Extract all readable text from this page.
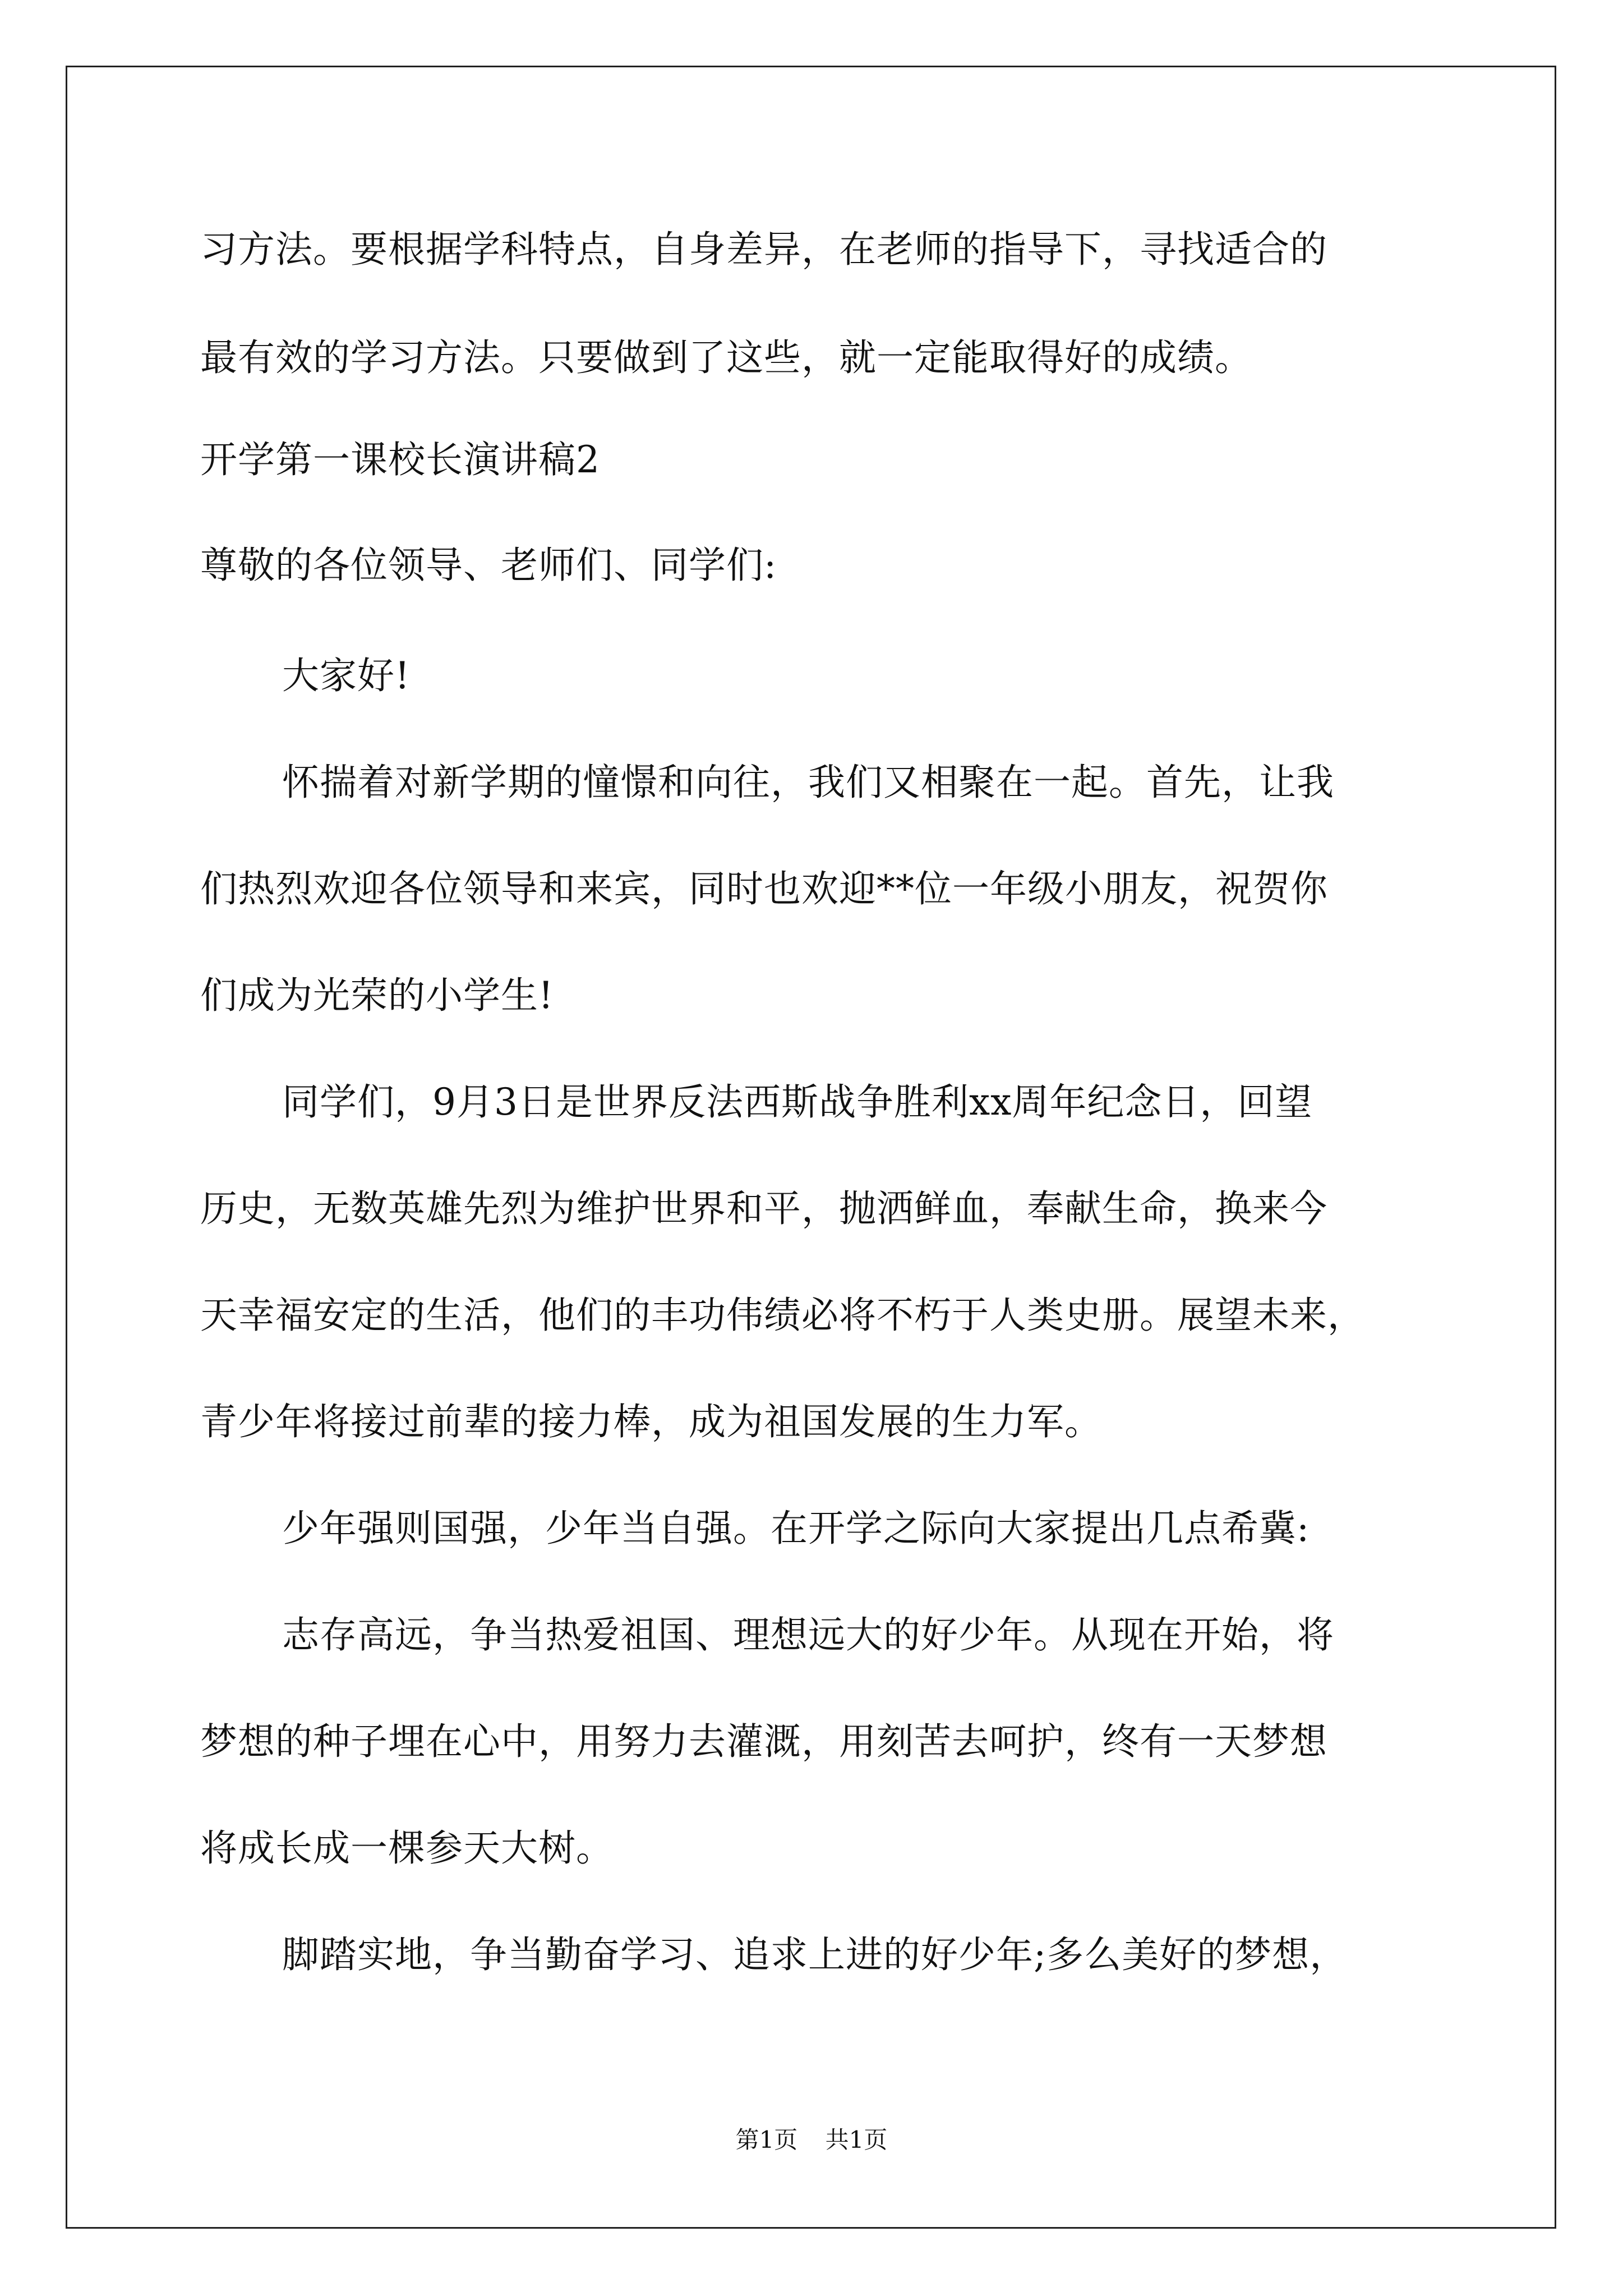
习方法。要根据学科特点，自身差异，在老师的指导下，寻找适合的
最有效的学习方法。只要做到了这些，就一定能取得好的成绩。
开学第一课校长演讲稿2
尊敬的各位领导、老师们、同学们:
大家好!
怀揣着对新学期的憧憬和向往，我们又相聚在一起。首先，让我
们热烈欢迎各位领导和来宾，同时也欢迎**位一年级小朋友，祝贺你
们成为光荣的小学生!
同学们，9月3日是世界反法西斯战争胜利xx周年纪念日，回望
历史，无数英雄先烈为维护世界和平，抛洒鲜血，奉献生命，换来今
天幸福安定的生活，他们的丰功伟绩必将不朽于人类史册。展望未来，
青少年将接过前辈的接力棒，成为祖国发展的生力军。
少年强则国强，少年当自强。在开学之际向大家提出几点希冀:
志存高远，争当热爱祖国、理想远大的好少年。从现在开始，将
梦想的种子埋在心中，用努力去灌溉，用刻苦去呵护，终有一天梦想
将成长成一棵参天大树。
脚踏实地，争当勤奋学习、追求上进的好少年;多么美好的梦想，
第1页 共1页
